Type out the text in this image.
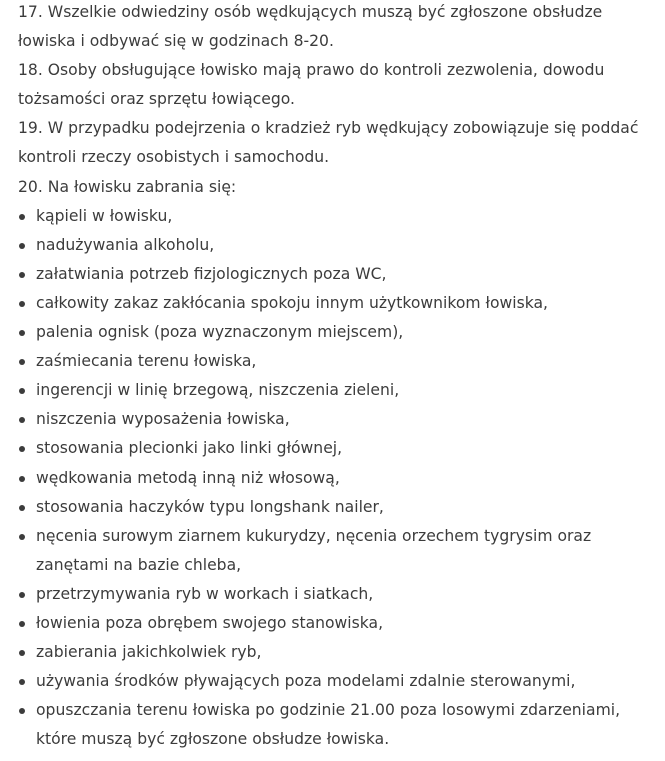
17. Wszelkie odwiedziny osób wędkujących muszą być zgłoszone obsłudze łowiska i odbywać się w godzinach 8-20.

18. Osoby obsługujące łowisko mają prawo do kontroli zezwolenia, dowodu tożsamości oraz sprzętu łowiącego.

19. W przypadku podejrzenia o kradzież ryb wędkujący zobowiązuje się poddać kontroli rzeczy osobistych i samochodu.

20. Na łowisku zabrania się:

kąpieli w łowisku,
nadużywania alkoholu,
załatwiania potrzeb fizjologicznych poza WC,
całkowity zakaz zakłócania spokoju innym użytkownikom łowiska,
palenia ognisk (poza wyznaczonym miejscem),
zaśmiecania terenu łowiska,
ingerencji w linię brzegową, niszczenia zieleni,
niszczenia wyposażenia łowiska,
stosowania plecionki jako linki głównej,
wędkowania metodą inną niż włosową,
stosowania haczyków typu longshank nailer,
nęcenia surowym ziarnem kukurydzy, nęcenia orzechem tygrysim oraz zanętami na bazie chleba,
przetrzymywania ryb w workach i siatkach,
łowienia poza obrębem swojego stanowiska,
zabierania jakichkolwiek ryb,
używania środków pływających poza modelami zdalnie sterowanymi,
opuszczania terenu łowiska po godzinie 21.00 poza losowymi zdarzeniami, które muszą być zgłoszone obsłudze łowiska.
